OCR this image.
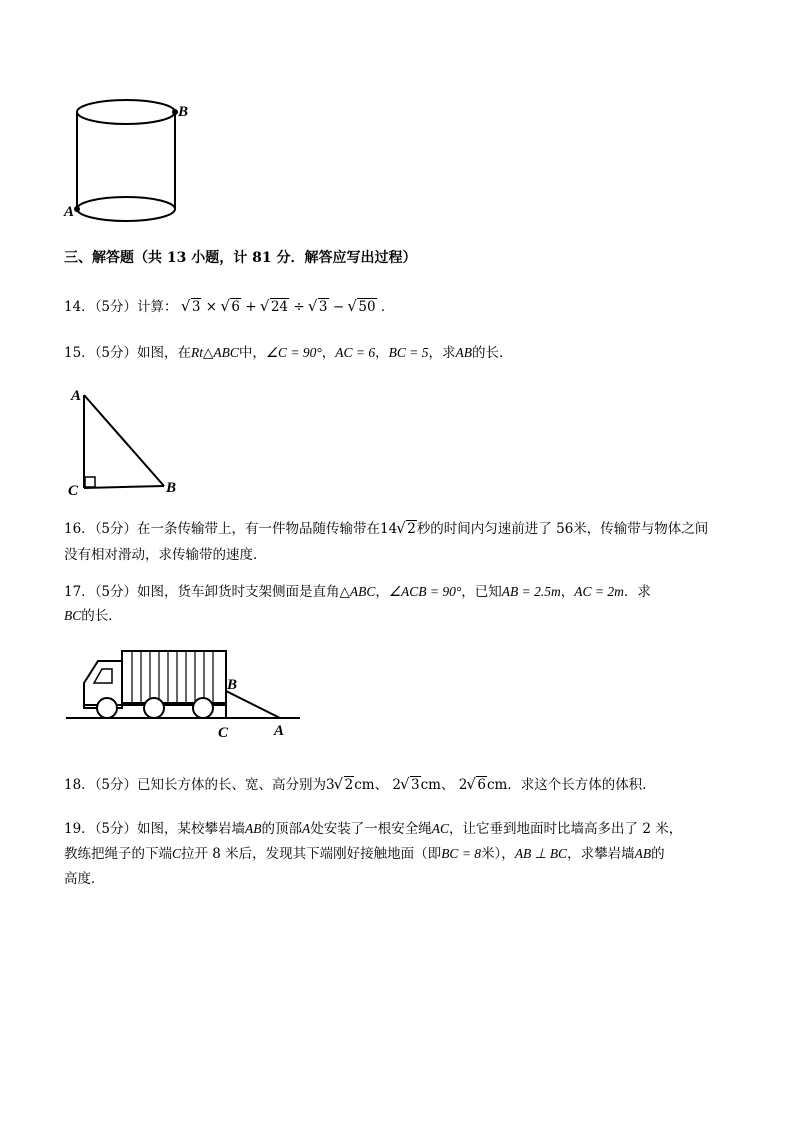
B
A
三、解答题（共 13 小题，计 81 分．解答应写出过程）
14．（5分）计算： √ 3 × √ 6 + √ 24 ÷ √ 3 − √ 50 ．
15．（5分）如图，在Rt△ABC中，∠C = 90°，AC = 6，BC = 5，求AB的长．
A
C	B
16．（5分）在一条传输带上，有一件物品随传输带在14 √ 2秒的时间内匀速前进了 56米，传输带与物体之间
没有相对滑动，求传输带的速度．
17．（5分）如图，货车卸货时支架侧面是直角△ABC，∠ACB = 90°，已知AB = 2.5m，AC = 2m．求
BC的长．
B
C	A
18．（5分）已知长方体的长、宽、高分别为3 √ 2cm、 2 √ 3cm、 2 √ 6cm．求这个长方体的体积．
19．（5分）如图，某校攀岩墙AB的顶部A处安装了一根安全绳AC，让它垂到地面时比墙高多出了 2 米，
教练把绳子的下端C拉开 8 米后，发现其下端刚好接触地面（即BC = 8米），AB ⊥ BC，求攀岩墙AB的
高度．
